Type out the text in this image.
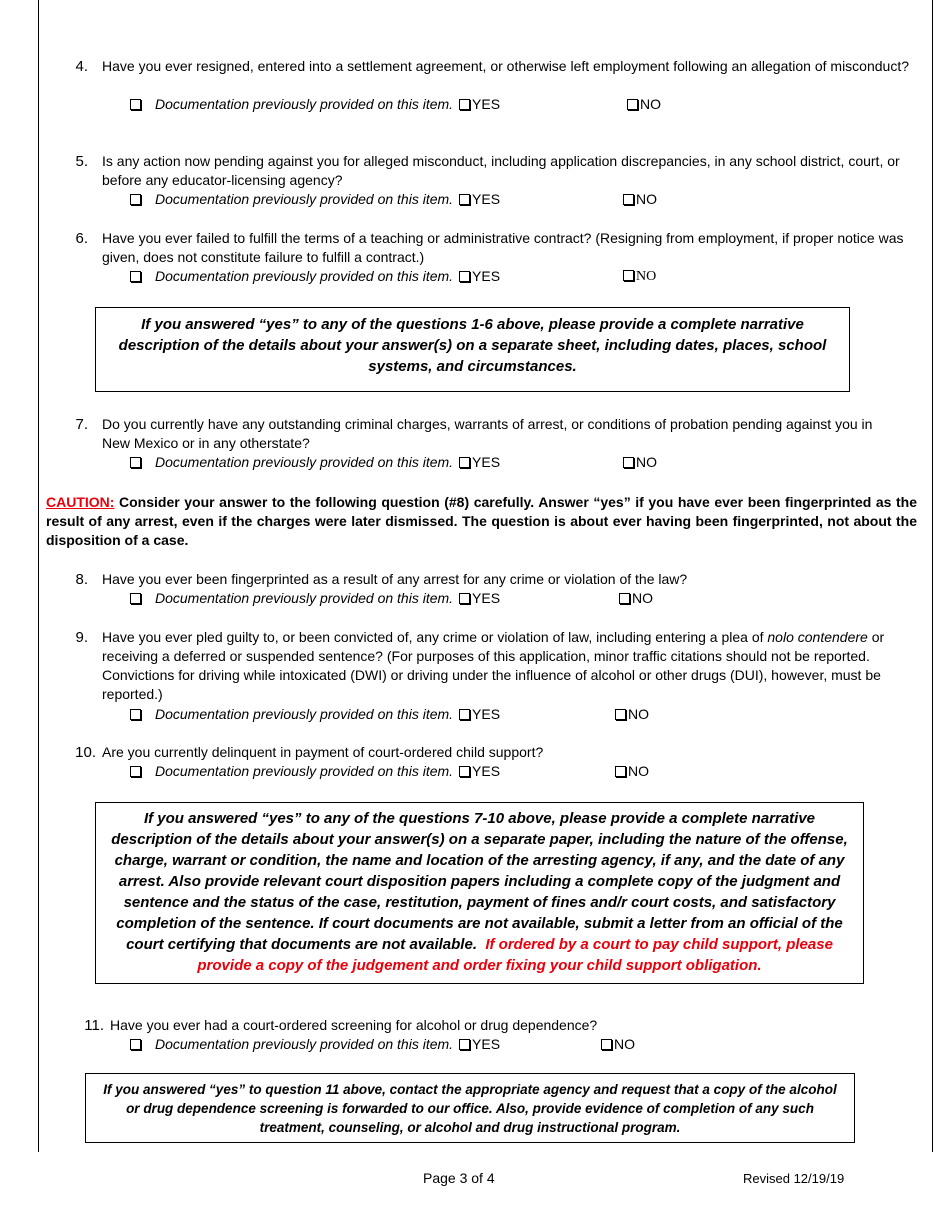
4. Have you ever resigned, entered into a settlement agreement, or otherwise left employment following an allegation of misconduct?
Documentation previously provided on this item. YES	NO
5. Is any action now pending against you for alleged misconduct, including application discrepancies, in any school district, court, or before any educator-licensing agency?
Documentation previously provided on this item. YES	NO
6. Have you ever failed to fulfill the terms of a teaching or administrative contract? (Resigning from employment, if proper notice was given, does not constitute failure to fulfill a contract.)
Documentation previously provided on this item. YES	NO
If you answered “yes” to any of the questions 1-6 above, please provide a complete narrative description of the details about your answer(s) on a separate sheet, including dates, places, school systems, and circumstances.
7. Do you currently have any outstanding criminal charges, warrants of arrest, or conditions of probation pending against you in New Mexico or in any otherstate?
Documentation previously provided on this item. YES	NO
CAUTION: Consider your answer to the following question (#8) carefully. Answer “yes” if you have ever been fingerprinted as the result of any arrest, even if the charges were later dismissed. The question is about ever having been fingerprinted, not about the disposition of a case.
8. Have you ever been fingerprinted as a result of any arrest for any crime or violation of the law?
Documentation previously provided on this item. YES	NO
9. Have you ever pled guilty to, or been convicted of, any crime or violation of law, including entering a plea of nolo contendere or receiving a deferred or suspended sentence? (For purposes of this application, minor traffic citations should not be reported. Convictions for driving while intoxicated (DWI) or driving under the influence of alcohol or other drugs (DUI), however, must be reported.)
Documentation previously provided on this item. YES	NO
10. Are you currently delinquent in payment of court-ordered child support?
Documentation previously provided on this item. YES	NO
If you answered “yes” to any of the questions 7-10 above, please provide a complete narrative description of the details about your answer(s) on a separate paper, including the nature of the offense, charge, warrant or condition, the name and location of the arresting agency, if any, and the date of any arrest. Also provide relevant court disposition papers including a complete copy of the judgment and sentence and the status of the case, restitution, payment of fines and/r court costs, and satisfactory completion of the sentence. If court documents are not available, submit a letter from an official of the court certifying that documents are not available. If ordered by a court to pay child support, please provide a copy of the judgement and order fixing your child support obligation.
11. Have you ever had a court-ordered screening for alcohol or drug dependence?
Documentation previously provided on this item. YES	NO
If you answered “yes” to question 11 above, contact the appropriate agency and request that a copy of the alcohol or drug dependence screening is forwarded to our office. Also, provide evidence of completion of any such treatment, counseling, or alcohol and drug instructional program.
Page 3 of 4	Revised 12/19/19
